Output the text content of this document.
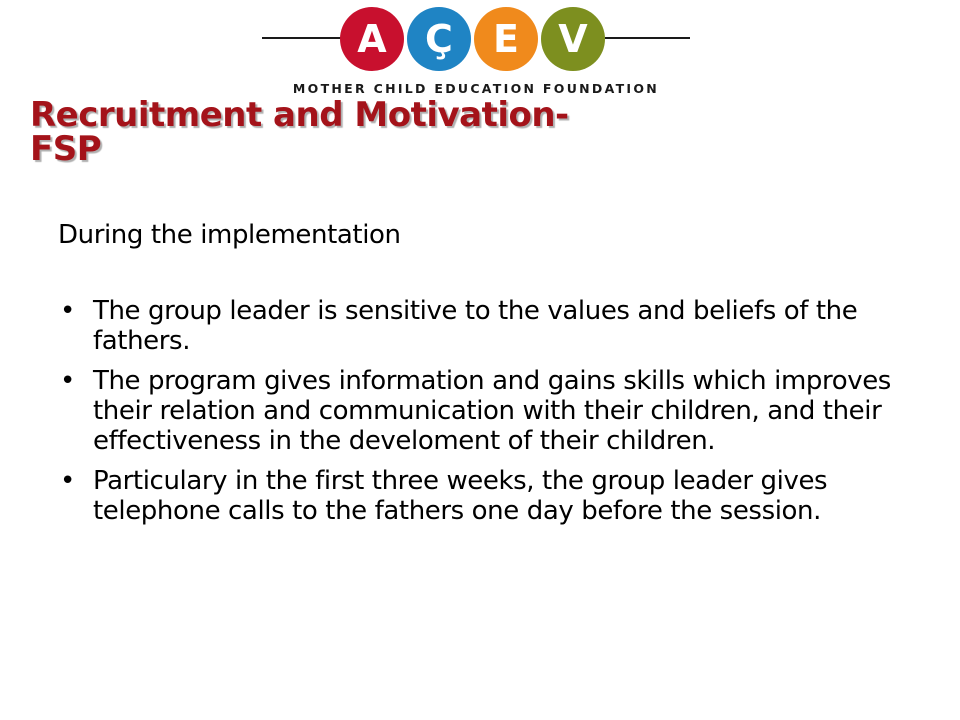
A	Ç	E	V
MOTHER CHILD EDUCATION FOUNDATION
Recruitment and Motivation-
FSP

During the implementation

• The group leader is sensitive to the values and beliefs of the fathers.
• The program gives information and gains skills which improves their relation and communication with their children, and their effectiveness in the develoment of their children.
• Particulary in the first three weeks, the group leader gives telephone calls to the fathers one day before the session.
